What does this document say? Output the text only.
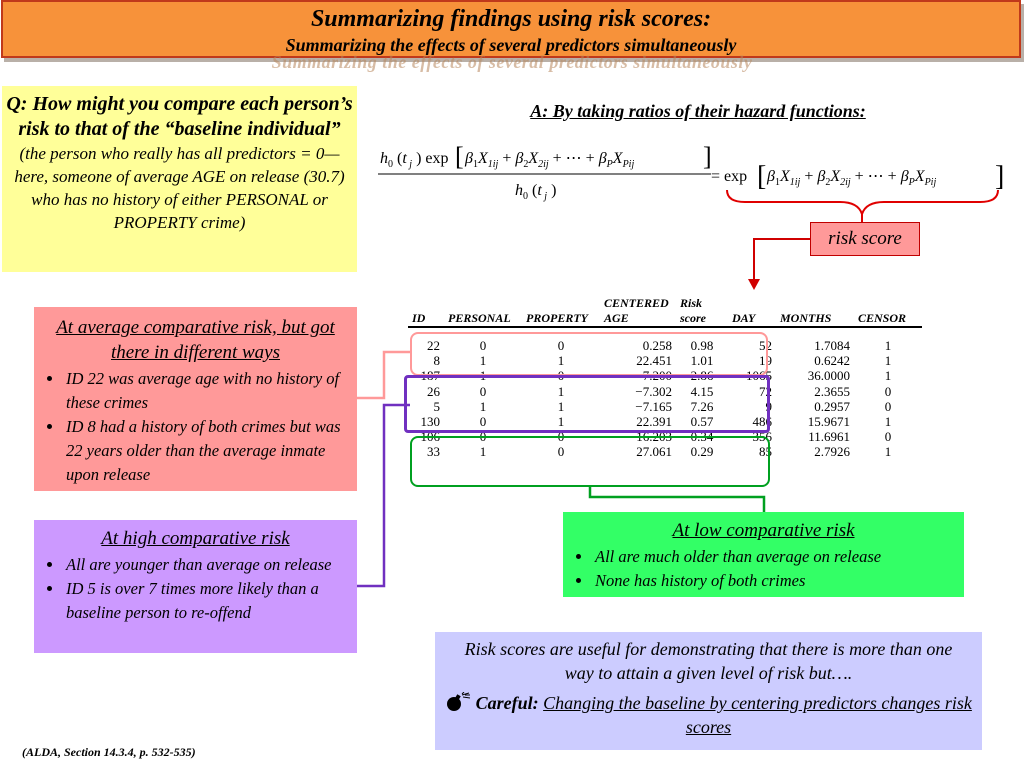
Summarizing findings using risk scores:
Summarizing the effects of several predictors simultaneously
Summarizing the effects of several predictors simultaneously
Q: How might you compare each person’s risk to that of the “baseline individual”
(the person who really has all predictors = 0—here, someone of average AGE on release (30.7) who has no history of either PERSONAL or PROPERTY crime)
A: By taking ratios of their hazard functions:
$h_0$ (t $_j$ ) exp [ $\beta_1X_{1ij} + \beta_2X_{2ij}$ + ⋯ + $\beta_PX_{Pij}$	]
$h_0$ (t $_j$ )
= exp [ $\beta_1X_{1ij} + \beta_2X_{2ij}$ + ⋯ + $\beta_PX_{Pij}$ ]
risk score
ID	PERSONAL	PROPERTY	CENTERED AGE	Risk score	DAY	MONTHS	CENSOR
22	0	0	0.258	0.98	52	1.7084	1
8	1	1	22.451	1.01	19	0.6242	1
187	1	0	−7.200	2.86	1065	36.0000	1
26	0	1	−7.302	4.15	72	2.3655	0
5	1	1	−7.165	7.26	9	0.2957	0
130	0	1	22.391	0.57	486	15.9671	1
106	0	0	16.203	0.34	356	11.6961	0
33	1	0	27.061	0.29	85	2.7926	1
At average comparative risk, but got there in different ways
• ID 22 was average age with no history of these crimes
• ID 8 had a history of both crimes but was 22 years older than the average inmate upon release
At high comparative risk
• All are younger than average on release
• ID 5 is over 7 times more likely than a baseline person to re-offend
At low comparative risk
• All are much older than average on release
• None has history of both crimes
Risk scores are useful for demonstrating that there is more than one way to attain a given level of risk but….
Careful: Changing the baseline by centering predictors changes risk scores
(ALDA, Section 14.3.4, p. 532-535)
